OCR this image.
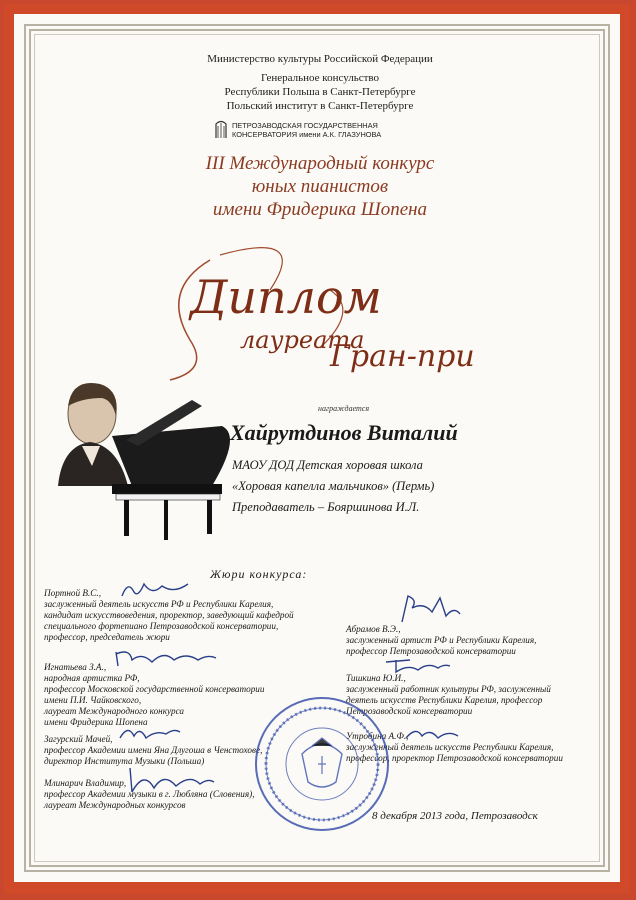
Министерство культуры Российской Федерации
Генеральное консульство
Республики Польша в Санкт-Петербурге
Польский институт в Санкт-Петербурге
ПЕТРОЗАВОДСКАЯ ГОСУДАРСТВЕННАЯ
КОНСЕРВАТОРИЯ имени А.К. ГЛАЗУНОВА
III Международный конкурс
юных пианистов
имени Фридерика Шопена
Диплом
лауреата
Гран-при
награждается
Хайрутдинов Виталий
МАОУ ДОД Детская хоровая школа
«Хоровая капелла мальчиков» (Пермь)
Преподаватель – Бояршинова И.Л.
Жюри конкурса:
Портной В.С.,
заслуженный деятель искусств РФ и Республики Карелия,
кандидат искусствоведения, проректор, заведующий кафедрой
специального фортепиано Петрозаводской консерватории,
профессор, председатель жюри
Игнатьева З.А.,
народная артистка РФ,
профессор Московской государственной консерватории
имени П.И. Чайковского,
лауреат Международного конкурса
имени Фридерика Шопена
Загурский Мачей,
профессор Академии имени Яна Длугоша в Ченстохове,
директор Института Музыки (Польша)
Млинарич Владимир,
профессор Академии музыки в г. Любляна (Словения),
лауреат Международных конкурсов
Абрамов В.Э.,
заслуженный артист РФ и Республики Карелия,
профессор Петрозаводской консерватории
Тишкина Ю.И.,
заслуженный работник культуры РФ, заслуженный
деятель искусств Республики Карелия, профессор
Петрозаводской консерватории
Утробина А.Ф.,
заслуженный деятель искусств Республики Карелия,
профессор, проректор Петрозаводской консерватории
8 декабря 2013 года, Петрозаводск
